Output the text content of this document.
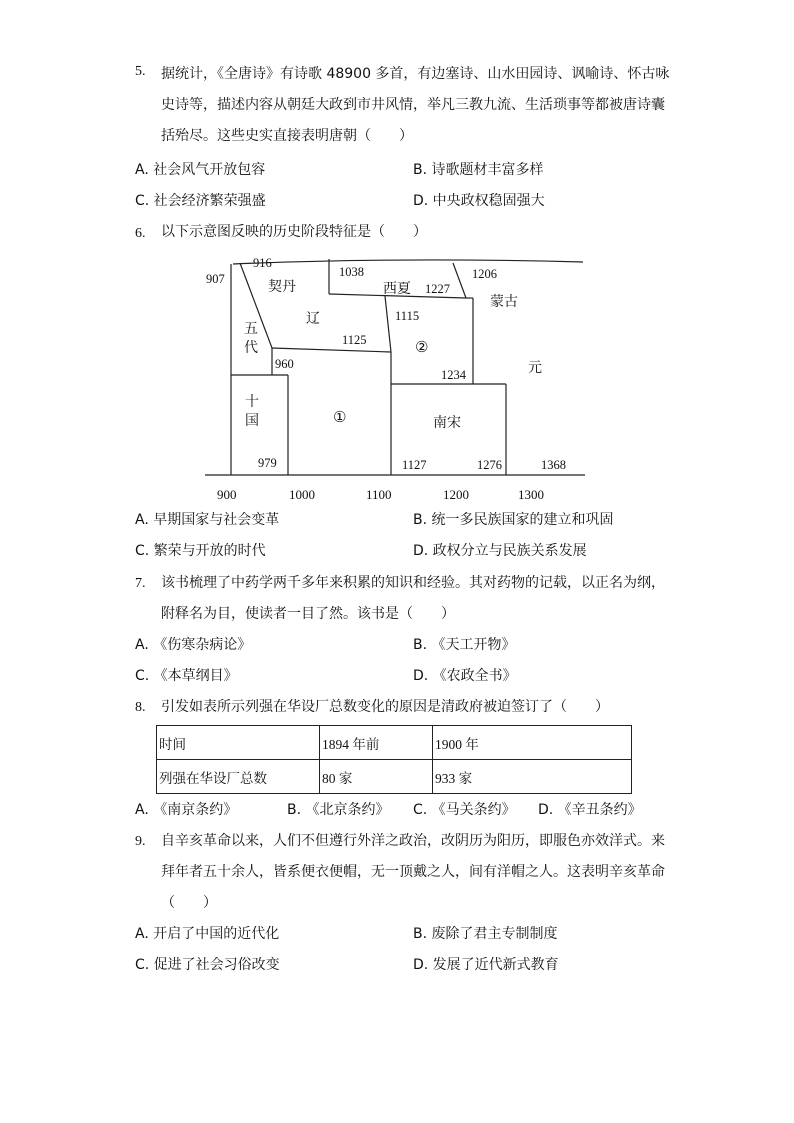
5. 据统计，《全唐诗》有诗歌 48900 多首，有边塞诗、山水田园诗、讽喻诗、怀古咏
史诗等，描述内容从朝廷大政到市井风情，举凡三教九流、生活琐事等都被唐诗囊
括殆尽。这些史实直接表明唐朝（　　）
A. 社会风气开放包容	B. 诗歌题材丰富多样
C. 社会经济繁荣强盛	D. 中央政权稳固强大
6. 以下示意图反映的历史阶段特征是（　　）
907
916
1038
1227
1206
1115
1125
960
1234
979	1127	1276	1368
契丹
辽
五
代
西夏
蒙古
元
十
国	南宋
①
②
900	1000	1100	1200	1300
A. 早期国家与社会变革	B. 统一多民族国家的建立和巩固
C. 繁荣与开放的时代	D. 政权分立与民族关系发展
7. 该书梳理了中药学两千多年来积累的知识和经验。其对药物的记载，以正名为纲，
附释名为目，使读者一目了然。该书是（　　）
A. 《伤寒杂病论》	B. 《天工开物》
C. 《本草纲目》	D. 《农政全书》
8. 引发如表所示列强在华设厂总数变化的原因是清政府被迫签订了（　　）
时间	1894 年前	1900 年
列强在华设厂总数	80 家	933 家
A. 《南京条约》	B. 《北京条约》 C. 《马关条约》 D. 《辛丑条约》
9. 自辛亥革命以来，人们不但遵行外洋之政治，改阴历为阳历，即服色亦效洋式。来
拜年者五十余人，皆系便衣便帽，无一顶戴之人，间有洋帽之人。这表明辛亥革命
（　　）
A. 开启了中国的近代化	B. 废除了君主专制制度
C. 促进了社会习俗改变	D. 发展了近代新式教育
